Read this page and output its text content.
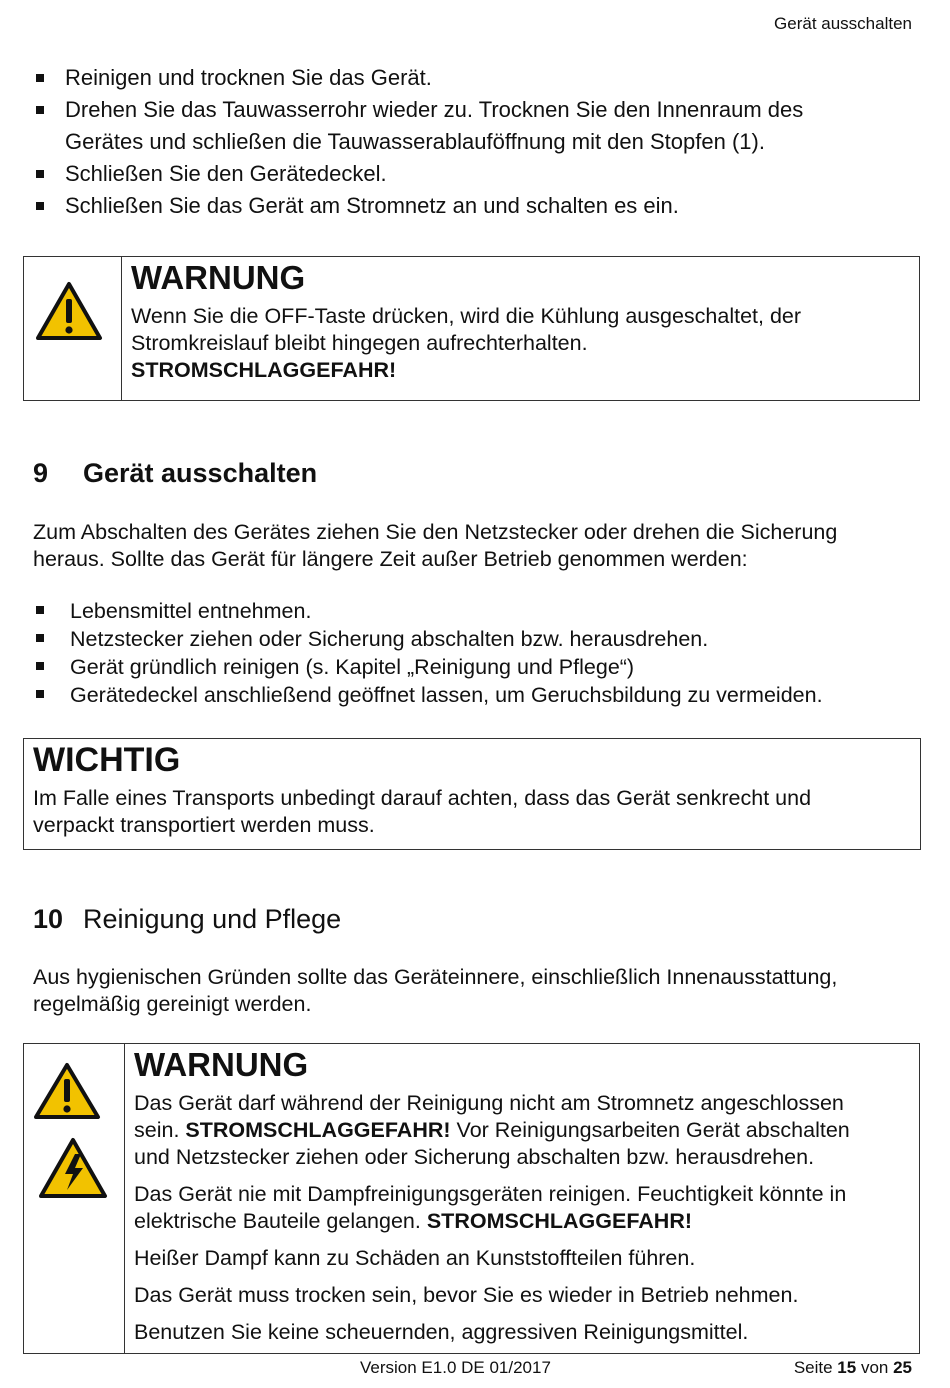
Gerät ausschalten
Reinigen und trocknen Sie das Gerät.
Drehen Sie das Tauwasserrohr wieder zu. Trocknen Sie den Innenraum des
Gerätes und schließen die Tauwasserablauföffnung mit den Stopfen (1).
Schließen Sie den Gerätedeckel.
Schließen Sie das Gerät am Stromnetz an und schalten es ein.
WARNUNG
Wenn Sie die OFF-Taste drücken, wird die Kühlung ausgeschaltet, der
Stromkreislauf bleibt hingegen aufrechterhalten.
STROMSCHLAGGEFAHR!
9 Gerät ausschalten
Zum Abschalten des Gerätes ziehen Sie den Netzstecker oder drehen die Sicherung
heraus. Sollte das Gerät für längere Zeit außer Betrieb genommen werden:
Lebensmittel entnehmen.
Netzstecker ziehen oder Sicherung abschalten bzw. herausdrehen.
Gerät gründlich reinigen (s. Kapitel „Reinigung und Pflege“)
Gerätedeckel anschließend geöffnet lassen, um Geruchsbildung zu vermeiden.
WICHTIG
Im Falle eines Transports unbedingt darauf achten, dass das Gerät senkrecht und
verpackt transportiert werden muss.
10 Reinigung und Pflege
Aus hygienischen Gründen sollte das Geräteinnere, einschließlich Innenausstattung,
regelmäßig gereinigt werden.
WARNUNG
Das Gerät darf während der Reinigung nicht am Stromnetz angeschlossen
sein. STROMSCHLAGGEFAHR! Vor Reinigungsarbeiten Gerät abschalten
und Netzstecker ziehen oder Sicherung abschalten bzw. herausdrehen.
Das Gerät nie mit Dampfreinigungsgeräten reinigen. Feuchtigkeit könnte in
elektrische Bauteile gelangen. STROMSCHLAGGEFAHR!
Heißer Dampf kann zu Schäden an Kunststoffteilen führen.
Das Gerät muss trocken sein, bevor Sie es wieder in Betrieb nehmen.
Benutzen Sie keine scheuernden, aggressiven Reinigungsmittel.
Version E1.0 DE 01/2017	Seite 15 von 25
